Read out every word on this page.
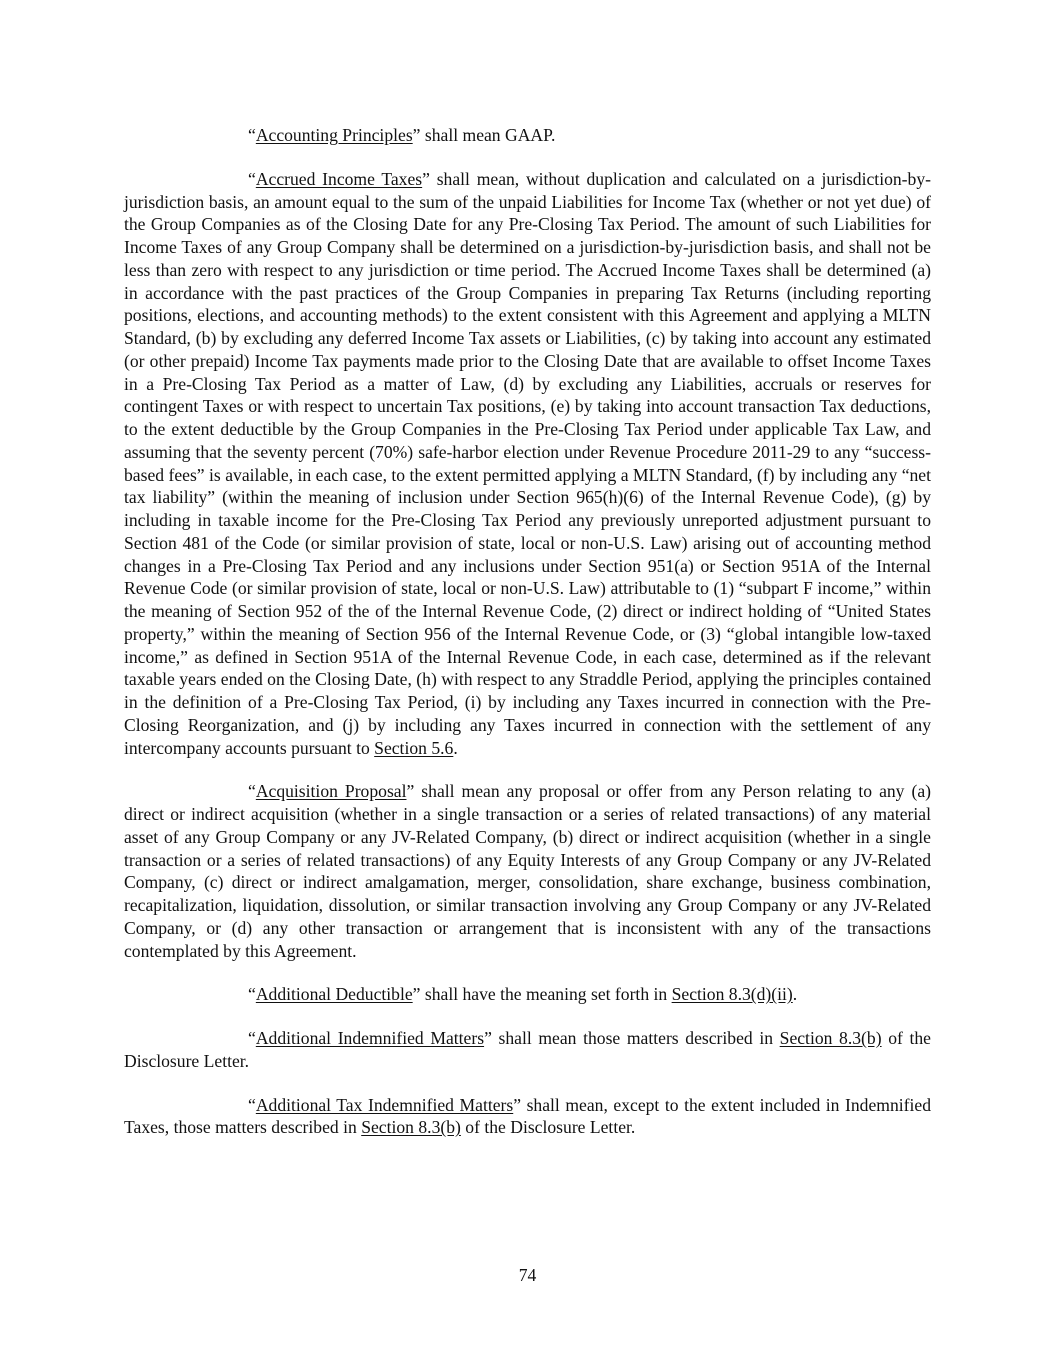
“Accounting Principles” shall mean GAAP.

“Accrued Income Taxes” shall mean, without duplication and calculated on a jurisdiction-by-jurisdiction basis, an amount equal to the sum of the unpaid Liabilities for Income Tax (whether or not yet due) of the Group Companies as of the Closing Date for any Pre-Closing Tax Period. The amount of such Liabilities for Income Taxes of any Group Company shall be determined on a jurisdiction-by-jurisdiction basis, and shall not be less than zero with respect to any jurisdiction or time period. The Accrued Income Taxes shall be determined (a) in accordance with the past practices of the Group Companies in preparing Tax Returns (including reporting positions, elections, and accounting methods) to the extent consistent with this Agreement and applying a MLTN Standard, (b) by excluding any deferred Income Tax assets or Liabilities, (c) by taking into account any estimated (or other prepaid) Income Tax payments made prior to the Closing Date that are available to offset Income Taxes in a Pre-Closing Tax Period as a matter of Law, (d) by excluding any Liabilities, accruals or reserves for contingent Taxes or with respect to uncertain Tax positions, (e) by taking into account transaction Tax deductions, to the extent deductible by the Group Companies in the Pre-Closing Tax Period under applicable Tax Law, and assuming that the seventy percent (70%) safe-harbor election under Revenue Procedure 2011-29 to any “success-based fees” is available, in each case, to the extent permitted applying a MLTN Standard, (f) by including any “net tax liability” (within the meaning of inclusion under Section 965(h)(6) of the Internal Revenue Code), (g) by including in taxable income for the Pre-Closing Tax Period any previously unreported adjustment pursuant to Section 481 of the Code (or similar provision of state, local or non-U.S. Law) arising out of accounting method changes in a Pre-Closing Tax Period and any inclusions under Section 951(a) or Section 951A of the Internal Revenue Code (or similar provision of state, local or non-U.S. Law) attributable to (1) “subpart F income,” within the meaning of Section 952 of the of the Internal Revenue Code, (2) direct or indirect holding of “United States property,” within the meaning of Section 956 of the Internal Revenue Code, or (3) “global intangible low-taxed income,” as defined in Section 951A of the Internal Revenue Code, in each case, determined as if the relevant taxable years ended on the Closing Date, (h) with respect to any Straddle Period, applying the principles contained in the definition of a Pre-Closing Tax Period, (i) by including any Taxes incurred in connection with the Pre-Closing Reorganization, and (j) by including any Taxes incurred in connection with the settlement of any intercompany accounts pursuant to Section 5.6.

“Acquisition Proposal” shall mean any proposal or offer from any Person relating to any (a) direct or indirect acquisition (whether in a single transaction or a series of related transactions) of any material asset of any Group Company or any JV-Related Company, (b) direct or indirect acquisition (whether in a single transaction or a series of related transactions) of any Equity Interests of any Group Company or any JV-Related Company, (c) direct or indirect amalgamation, merger, consolidation, share exchange, business combination, recapitalization, liquidation, dissolution, or similar transaction involving any Group Company or any JV-Related Company, or (d) any other transaction or arrangement that is inconsistent with any of the transactions contemplated by this Agreement.

“Additional Deductible” shall have the meaning set forth in Section 8.3(d)(ii).

“Additional Indemnified Matters” shall mean those matters described in Section 8.3(b) of the Disclosure Letter.

“Additional Tax Indemnified Matters” shall mean, except to the extent included in Indemnified Taxes, those matters described in Section 8.3(b) of the Disclosure Letter.

74
